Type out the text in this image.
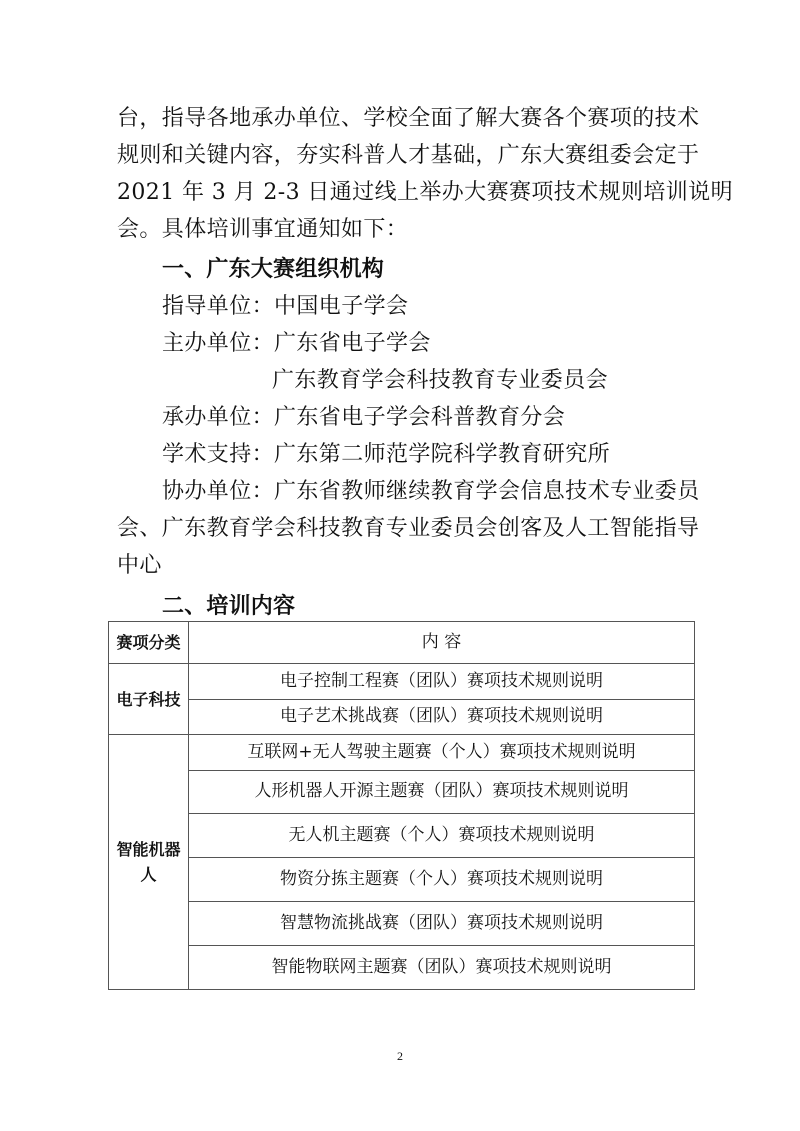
台，指导各地承办单位、学校全面了解大赛各个赛项的技术
规则和关键内容，夯实科普人才基础，广东大赛组委会定于
2021 年 3 月 2-3 日通过线上举办大赛赛项技术规则培训说明
会。具体培训事宜通知如下：
一、广东大赛组织机构
指导单位：中国电子学会
主办单位：广东省电子学会
广东教育学会科技教育专业委员会
承办单位：广东省电子学会科普教育分会
学术支持：广东第二师范学院科学教育研究所
协办单位：广东省教师继续教育学会信息技术专业委员
会、广东教育学会科技教育专业委员会创客及人工智能指导
中心
二、培训内容
赛项分类	内 容
电子科技	电子控制工程赛（团队）赛项技术规则说明
	电子艺术挑战赛（团队）赛项技术规则说明
智能机器
人	互联网+无人驾驶主题赛（个人）赛项技术规则说明
	人形机器人开源主题赛（团队）赛项技术规则说明
	无人机主题赛（个人）赛项技术规则说明
	物资分拣主题赛（个人）赛项技术规则说明
	智慧物流挑战赛（团队）赛项技术规则说明
	智能物联网主题赛（团队）赛项技术规则说明
2
